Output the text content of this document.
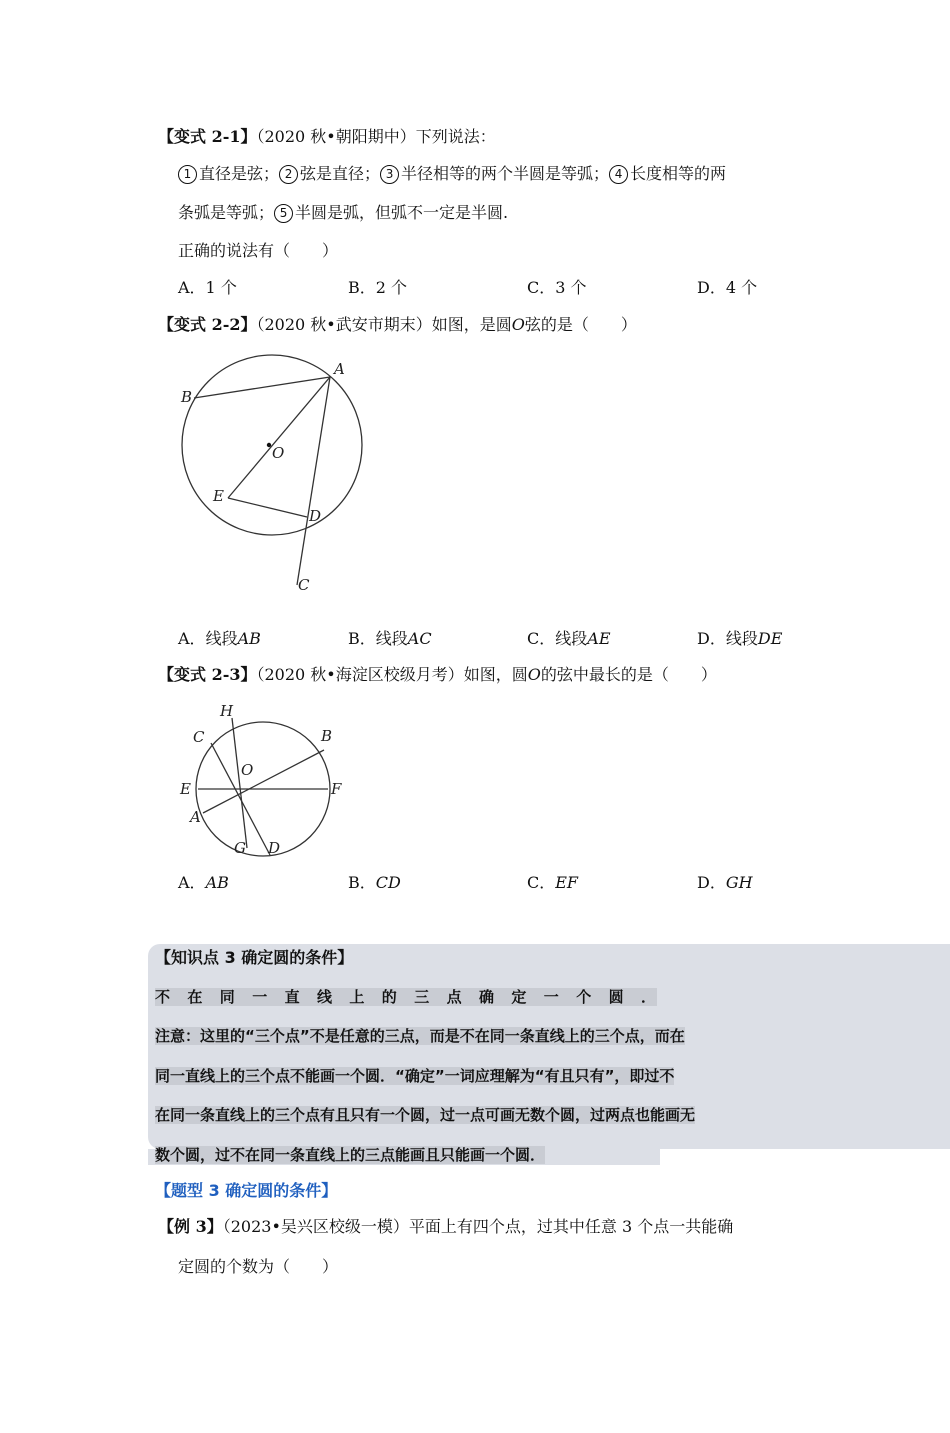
【变式 2-1】（2020 秋•朝阳期中）下列说法：
1 直径是弦； 2 弦是直径； 3 半径相等的两个半圆是等弧； 4 长度相等的两
条弧是等弧； 5 半圆是弧，但弧不一定是半圆.
正确的说法有（　　）
A．1 个	B．2 个	C．3 个	D．4 个
【变式 2-2】（2020 秋•武安市期末）如图，是圆O弦的是（　　）
A
B
O
E
D
C
A．线段AB	B．线段AC	C．线段AE	D．线段DE
【变式 2-3】（2020 秋•海淀区校级月考）如图，圆O的弦中最长的是（　　）
H
C	B
O
E	F
A
G D
A．AB	B．CD	C．EF	D．GH
【知识点 3 确定圆的条件】
不　在　同　一　直　线　上　的　三　点　确　定　一　个　圆　．
注意：这里的“三个点”不是任意的三点，而是不在同一条直线上的三个点，而在
同一直线上的三个点不能画一个圆．“确定”一词应理解为“有且只有”，即过不
在同一条直线上的三个点有且只有一个圆，过一点可画无数个圆，过两点也能画无
数个圆，过不在同一条直线上的三点能画且只能画一个圆．
【题型 3 确定圆的条件】
【例 3】（2023•吴兴区校级一模）平面上有四个点，过其中任意 3 个点一共能确
定圆的个数为（　　）
